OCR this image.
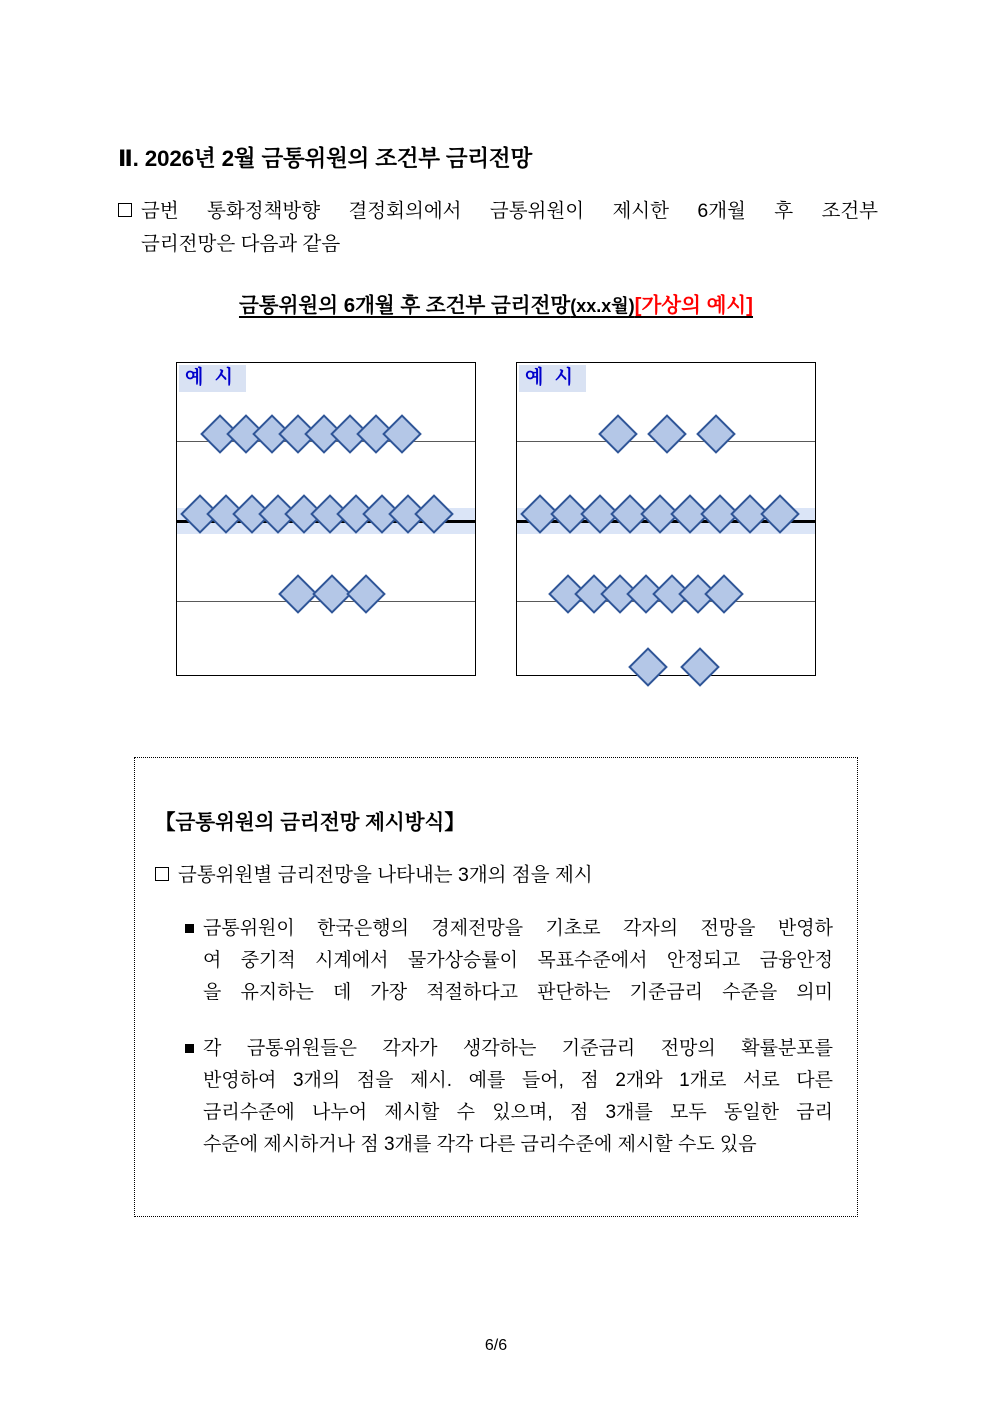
Ⅱ. 2026년 2월 금통위원의 조건부 금리전망
금번 통화정책방향 결정회의에서 금통위원이 제시한 6개월 후 조건부
금리전망은 다음과 같음
금통위원의 6개월 후 조건부 금리전망(xx.x월)[가상의 예시]
예 시	예 시
【금통위원의 금리전망 제시방식】
금통위원별 금리전망을 나타내는 3개의 점을 제시
금통위원이 한국은행의 경제전망을 기초로 각자의 전망을 반영하
여 중기적 시계에서 물가상승률이 목표수준에서 안정되고 금융안정
을 유지하는 데 가장 적절하다고 판단하는 기준금리 수준을 의미
각 금통위원들은 각자가 생각하는 기준금리 전망의 확률분포를
반영하여 3개의 점을 제시. 예를 들어, 점 2개와 1개로 서로 다른
금리수준에 나누어 제시할 수 있으며, 점 3개를 모두 동일한 금리
수준에 제시하거나 점 3개를 각각 다른 금리수준에 제시할 수도 있음
6/6
